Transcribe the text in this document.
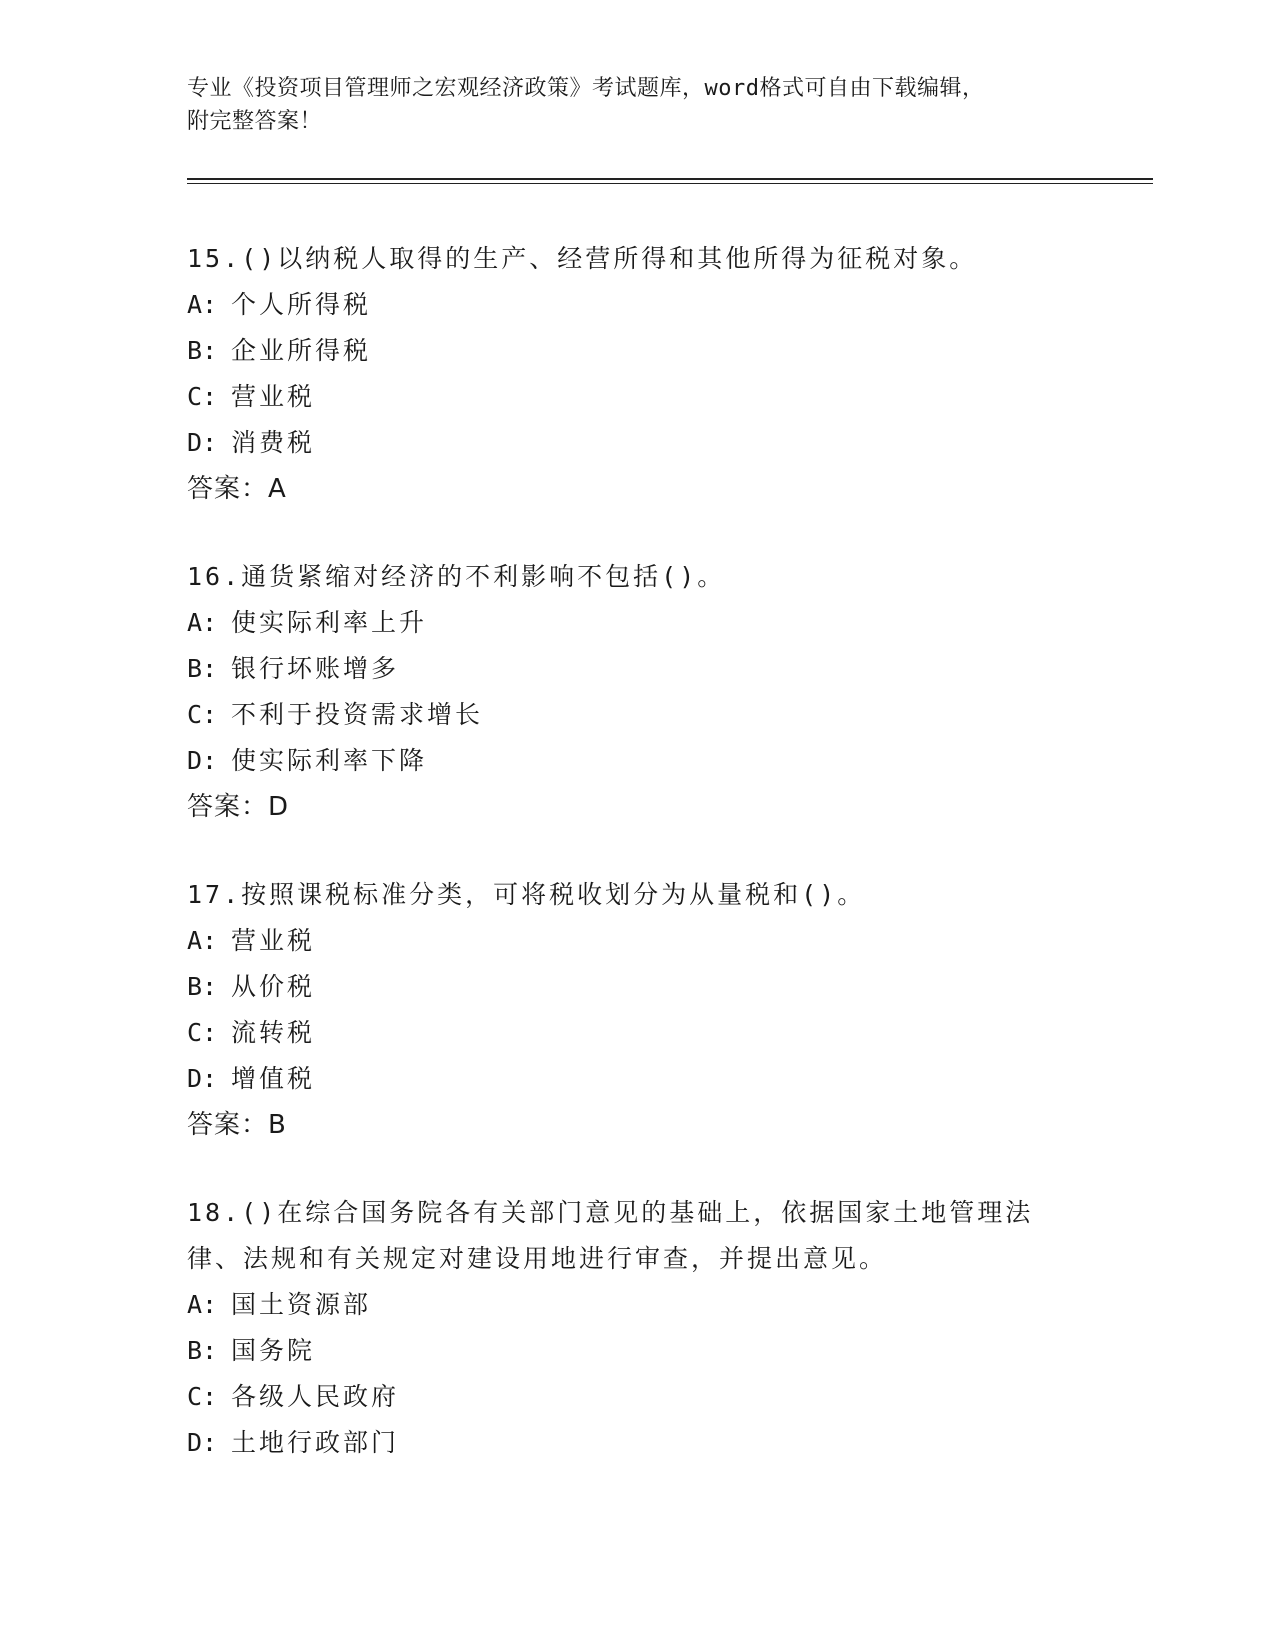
专业《投资项目管理师之宏观经济政策》考试题库，word格式可自由下载编辑，
附完整答案！
15.()以纳税人取得的生产、经营所得和其他所得为征税对象。
A: 个人所得税
B: 企业所得税
C: 营业税
D: 消费税
答案：A
16.通货紧缩对经济的不利影响不包括()。
A: 使实际利率上升
B: 银行坏账增多
C: 不利于投资需求增长
D: 使实际利率下降
答案：D
17.按照课税标准分类，可将税收划分为从量税和()。
A: 营业税
B: 从价税
C: 流转税
D: 增值税
答案：B
18.()在综合国务院各有关部门意见的基础上，依据国家土地管理法律、法规和有关规定对建设用地进行审查，并提出意见。
A: 国土资源部
B: 国务院
C: 各级人民政府
D: 土地行政部门
